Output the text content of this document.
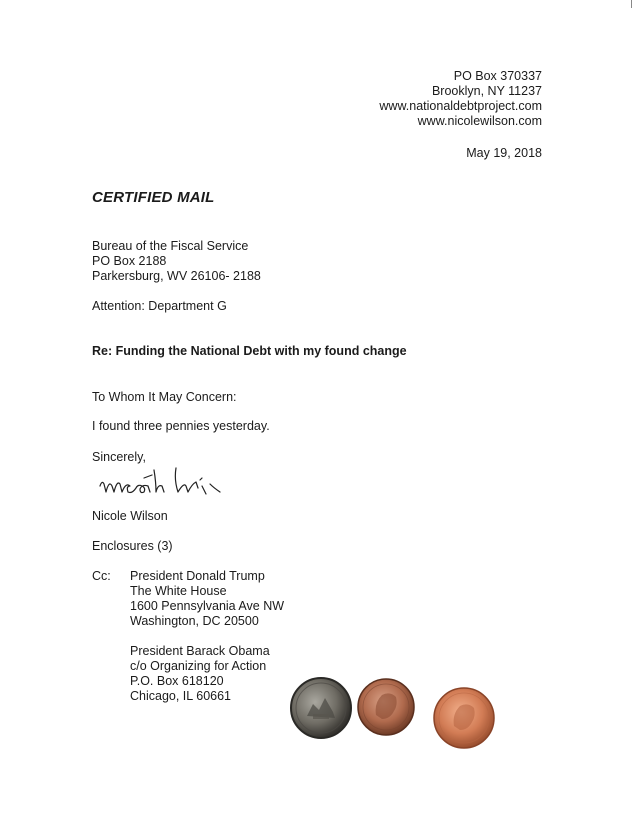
PO Box 370337
Brooklyn, NY 11237
www.nationaldebtproject.com
www.nicolewilson.com
May 19, 2018
CERTIFIED MAIL
Bureau of the Fiscal Service
PO Box 2188
Parkersburg, WV 26106- 2188
Attention: Department G
Re: Funding the National Debt with my found change
To Whom It May Concern:
I found three pennies yesterday.
Sincerely,
Nicole Wilson
Enclosures (3)
Cc: President Donald Trump
The White House
1600 Pennsylvania Ave NW
Washington, DC 20500
President Barack Obama
c/o Organizing for Action
P.O. Box 618120
Chicago, IL 60661
